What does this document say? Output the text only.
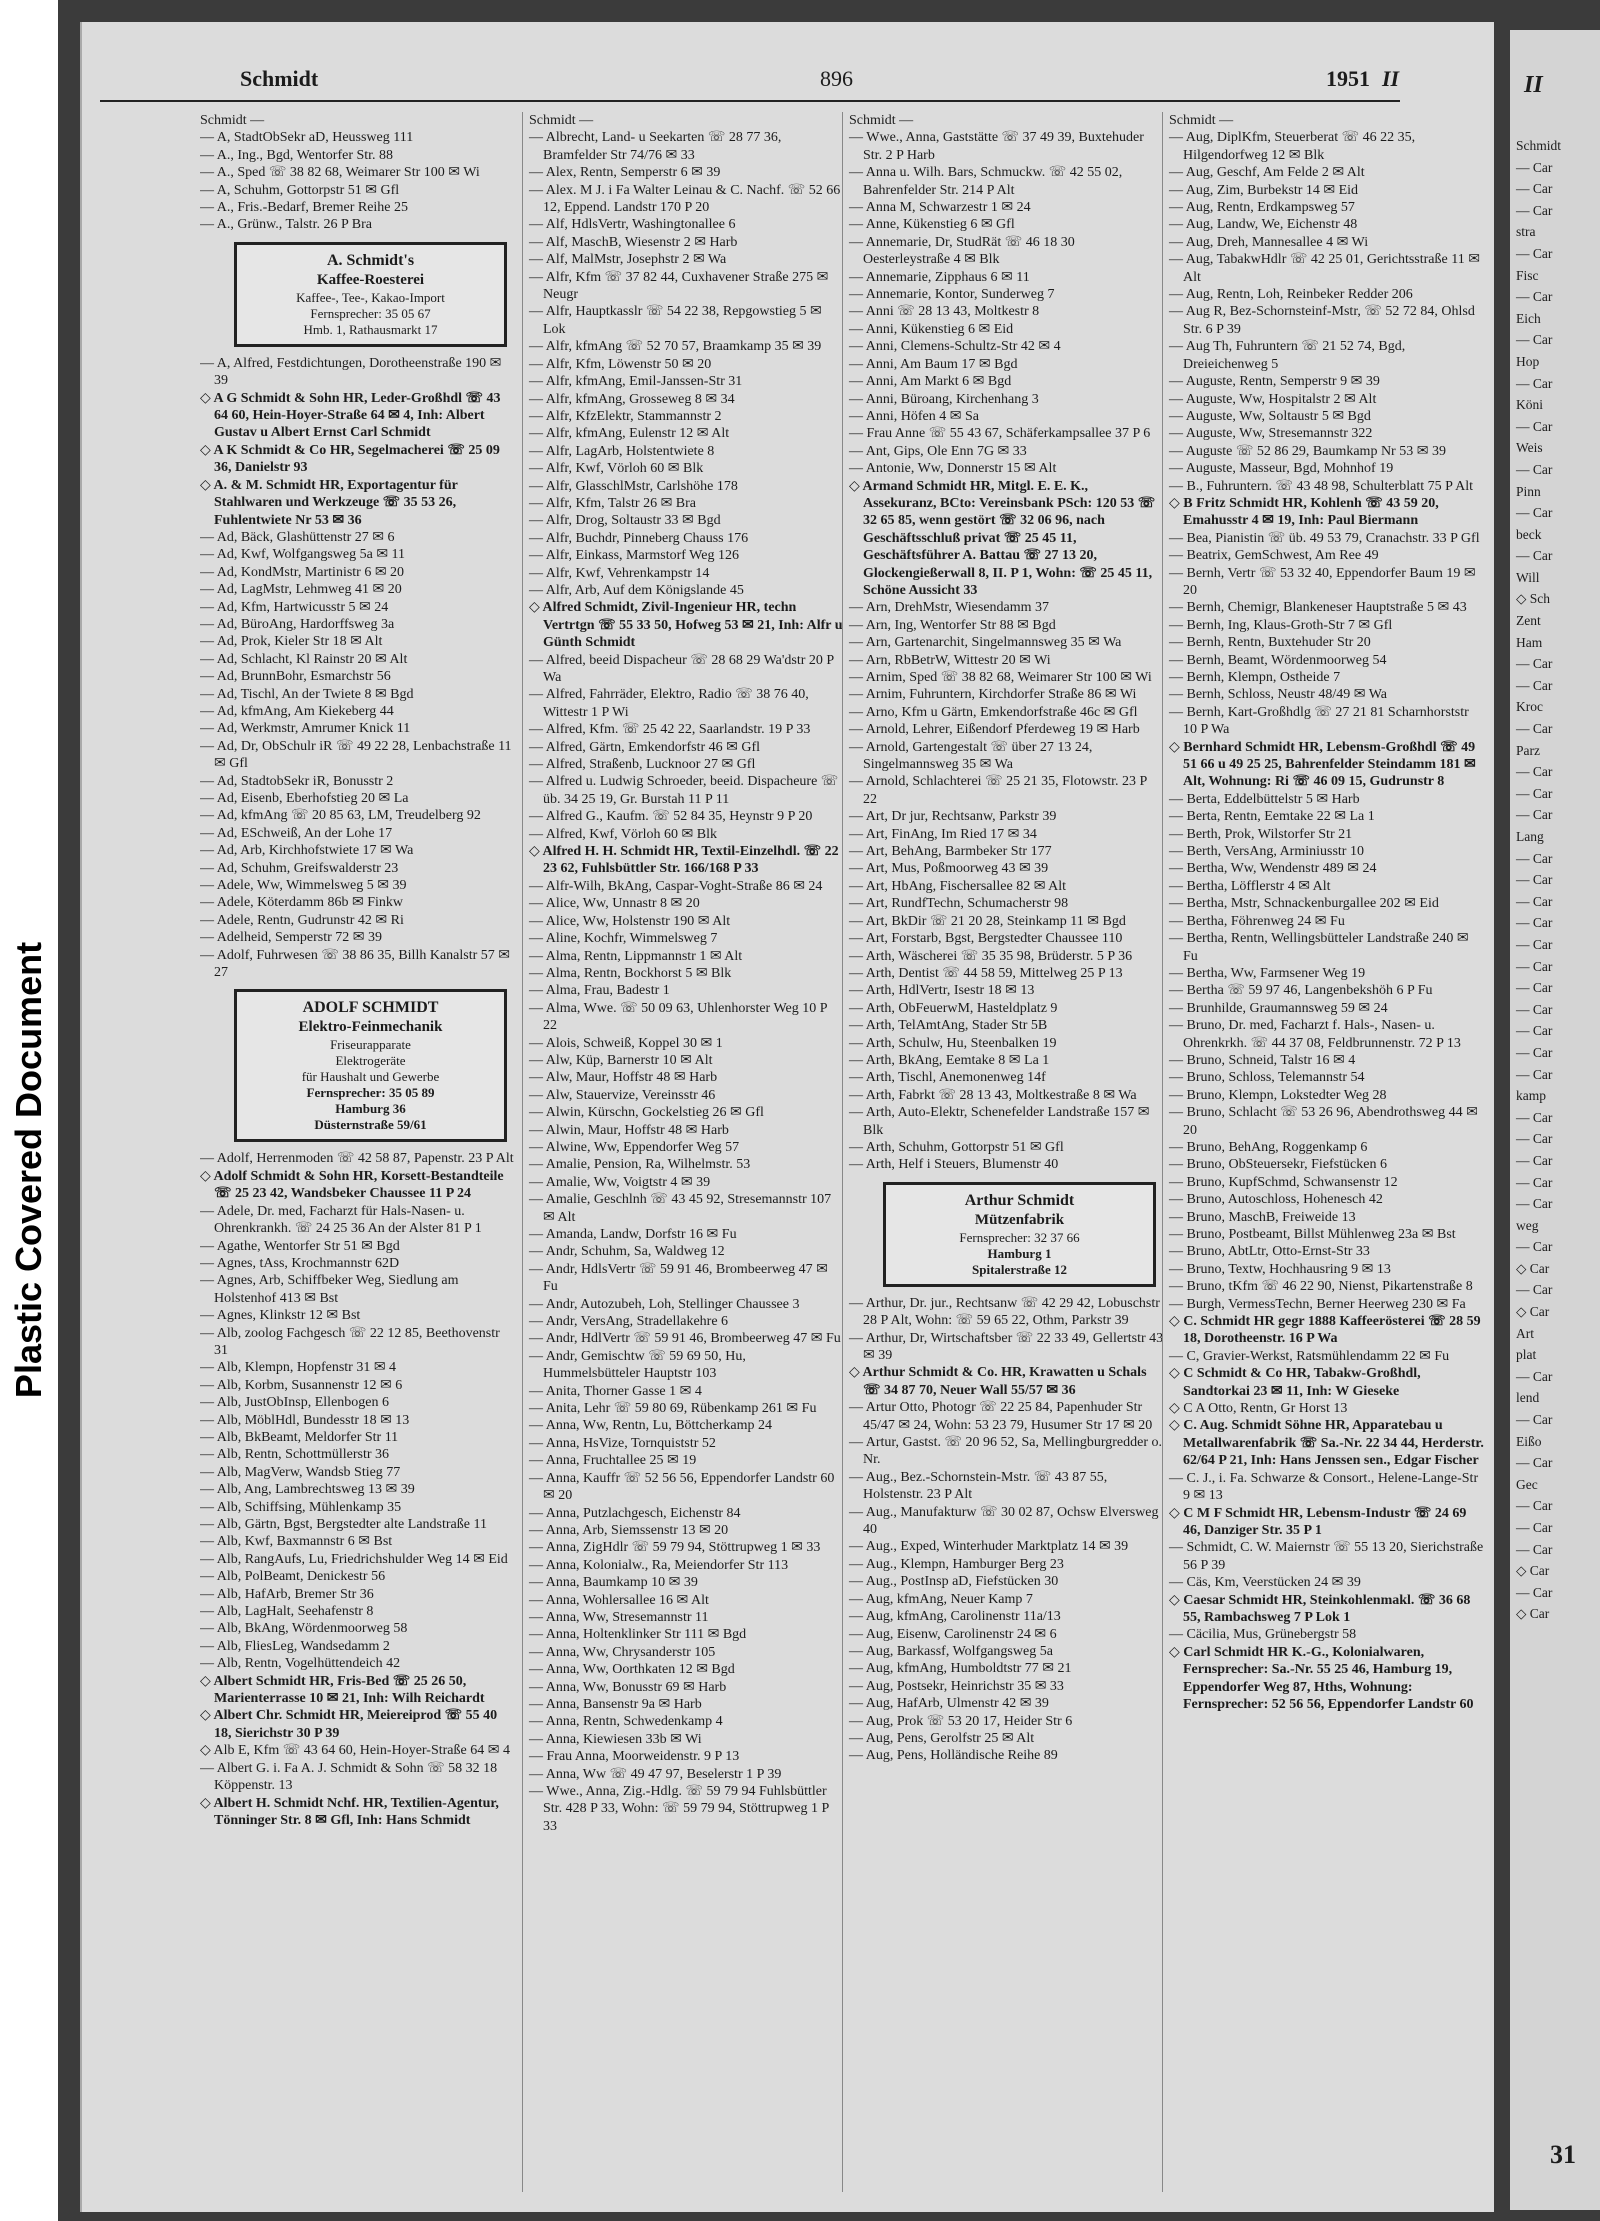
Plastic Covered Document
Schmidt	896	1951 II
Schmidt —
— A, StadtObSekr aD, Heussweg 111
— A., Ing., Bgd, Wentorfer Str. 88
— A., Sped ☏ 38 82 68, Weimarer Str 100 ✉ Wi
— A, Schuhm, Gottorpstr 51 ✉ Gfl
— A., Fris.-Bedarf, Bremer Reihe 25
— A., Grünw., Talstr. 26 P Bra
A. Schmidt's
Kaffee-Roesterei
Kaffee-, Tee-, Kakao-Import
Fernsprecher: 35 05 67
Hmb. 1, Rathausmarkt 17
— A, Alfred, Festdichtungen, Dorotheenstraße 190 ✉ 39
◇ A G Schmidt & Sohn HR, Leder-Großhdl ☏ 43 64 60, Hein-Hoyer-Straße 64 ✉ 4, Inh: Albert Gustav u Albert Ernst Carl Schmidt
◇ A K Schmidt & Co HR, Segelmacherei ☏ 25 09 36, Danielstr 93
◇ A. & M. Schmidt HR, Exportagentur für Stahlwaren und Werkzeuge ☏ 35 53 26, Fuhlentwiete Nr 53 ✉ 36
— Ad, Bäck, Glashüttenstr 27 ✉ 6
— Ad, Kwf, Wolfgangsweg 5a ✉ 11
— Ad, KondMstr, Martinistr 6 ✉ 20
— Ad, LagMstr, Lehmweg 41 ✉ 20
— Ad, Kfm, Hartwicusstr 5 ✉ 24
— Ad, BüroAng, Hardorffsweg 3a
— Ad, Prok, Kieler Str 18 ✉ Alt
— Ad, Schlacht, Kl Rainstr 20 ✉ Alt
— Ad, BrunnBohr, Esmarchstr 56
— Ad, Tischl, An der Twiete 8 ✉ Bgd
— Ad, kfmAng, Am Kiekeberg 44
— Ad, Werkmstr, Amrumer Knick 11
— Ad, Dr, ObSchulr iR ☏ 49 22 28, Lenbachstraße 11 ✉ Gfl
— Ad, StadtobSekr iR, Bonusstr 2
— Ad, Eisenb, Eberhofstieg 20 ✉ La
— Ad, kfmAng ☏ 20 85 63, LM, Treudelberg 92
— Ad, ESchweiß, An der Lohe 17
— Ad, Arb, Kirchhofstwiete 17 ✉ Wa
— Ad, Schuhm, Greifswalderstr 23
— Adele, Ww, Wimmelsweg 5 ✉ 39
— Adele, Köterdamm 86b ✉ Finkw
— Adele, Rentn, Gudrunstr 42 ✉ Ri
— Adelheid, Semperstr 72 ✉ 39
— Adolf, Fuhrwesen ☏ 38 86 35, Billh Kanalstr 57 ✉ 27
ADOLF SCHMIDT
Elektro-Feinmechanik
Friseurapparate
Elektrogeräte
für Haushalt und Gewerbe
Fernsprecher: 35 05 89
Hamburg 36
Düsternstraße 59/61
— Adolf, Herrenmoden ☏ 42 58 87, Papenstr. 23 P Alt
◇ Adolf Schmidt & Sohn HR, Korsett-Bestandteile ☏ 25 23 42, Wandsbeker Chaussee 11 P 24
— Adele, Dr. med, Facharzt für Hals-Nasen- u. Ohrenkrankh. ☏ 24 25 36 An der Alster 81 P 1
— Agathe, Wentorfer Str 51 ✉ Bgd
— Agnes, tAss, Krochmannstr 62D
— Agnes, Arb, Schiffbeker Weg, Siedlung am Holstenhof 413 ✉ Bst
— Agnes, Klinkstr 12 ✉ Bst
— Alb, zoolog Fachgesch ☏ 22 12 85, Beethovenstr 31
— Alb, Klempn, Hopfenstr 31 ✉ 4
— Alb, Korbm, Susannenstr 12 ✉ 6
— Alb, JustObInsp, Ellenbogen 6
— Alb, MöblHdl, Bundesstr 18 ✉ 13
— Alb, BkBeamt, Meldorfer Str 11
— Alb, Rentn, Schottmüllerstr 36
— Alb, MagVerw, Wandsb Stieg 77
— Alb, Ang, Lambrechtsweg 13 ✉ 39
— Alb, Schiffsing, Mühlenkamp 35
— Alb, Gärtn, Bgst, Bergstedter alte Landstraße 11
— Alb, Kwf, Baxmannstr 6 ✉ Bst
— Alb, RangAufs, Lu, Friedrichshulder Weg 14 ✉ Eid
— Alb, PolBeamt, Denickestr 56
— Alb, HafArb, Bremer Str 36
— Alb, LagHalt, Seehafenstr 8
— Alb, BkAng, Wördenmoorweg 58
— Alb, FliesLeg, Wandsedamm 2
— Alb, Rentn, Vogelhüttendeich 42
◇ Albert Schmidt HR, Fris-Bed ☏ 25 26 50, Marienterrasse 10 ✉ 21, Inh: Wilh Reichardt
◇ Albert Chr. Schmidt HR, Meiereiprod ☏ 55 40 18, Sierichstr 30 P 39
◇ Alb E, Kfm ☏ 43 64 60, Hein-Hoyer-Straße 64 ✉ 4
— Albert G. i. Fa A. J. Schmidt & Sohn ☏ 58 32 18 Köppenstr. 13
◇ Albert H. Schmidt Nchf. HR, Textilien-Agentur, Tönninger Str. 8 ✉ Gfl, Inh: Hans Schmidt
Schmidt —
— Albrecht, Land- u Seekarten ☏ 28 77 36, Bramfelder Str 74/76 ✉ 33
— Alex, Rentn, Semperstr 6 ✉ 39
— Alex. M J. i Fa Walter Leinau & C. Nachf. ☏ 52 66 12, Eppend. Landstr 170 P 20
— Alf, HdlsVertr, Washingtonallee 6
— Alf, MaschB, Wiesenstr 2 ✉ Harb
— Alf, MalMstr, Josephstr 2 ✉ Wa
— Alfr, Kfm ☏ 37 82 44, Cuxhavener Straße 275 ✉ Neugr
— Alfr, Hauptkasslr ☏ 54 22 38, Repgowstieg 5 ✉ Lok
— Alfr, kfmAng ☏ 52 70 57, Braamkamp 35 ✉ 39
— Alfr, Kfm, Löwenstr 50 ✉ 20
— Alfr, kfmAng, Emil-Janssen-Str 31
— Alfr, kfmAng, Grosseweg 8 ✉ 34
— Alfr, KfzElektr, Stammannstr 2
— Alfr, kfmAng, Eulenstr 12 ✉ Alt
— Alfr, LagArb, Holstentwiete 8
— Alfr, Kwf, Vörloh 60 ✉ Blk
— Alfr, GlasschlMstr, Carlshöhe 178
— Alfr, Kfm, Talstr 26 ✉ Bra
— Alfr, Drog, Soltaustr 33 ✉ Bgd
— Alfr, Buchdr, Pinneberg Chauss 176
— Alfr, Einkass, Marmstorf Weg 126
— Alfr, Kwf, Vehrenkampstr 14
— Alfr, Arb, Auf dem Königslande 45
◇ Alfred Schmidt, Zivil-Ingenieur HR, techn Vertrtgn ☏ 55 33 50, Hofweg 53 ✉ 21, Inh: Alfr u Günth Schmidt
— Alfred, beeid Dispacheur ☏ 28 68 29 Wa'dstr 20 P Wa
— Alfred, Fahrräder, Elektro, Radio ☏ 38 76 40, Wittestr 1 P Wi
— Alfred, Kfm. ☏ 25 42 22, Saarlandstr. 19 P 33
— Alfred, Gärtn, Emkendorfstr 46 ✉ Gfl
— Alfred, Straßenb, Lucknoor 27 ✉ Gfl
— Alfred u. Ludwig Schroeder, beeid. Dispacheure ☏ üb. 34 25 19, Gr. Burstah 11 P 11
— Alfred G., Kaufm. ☏ 52 84 35, Heynstr 9 P 20
— Alfred, Kwf, Vörloh 60 ✉ Blk
◇ Alfred H. H. Schmidt HR, Textil-Einzelhdl. ☏ 22 23 62, Fuhlsbüttler Str. 166/168 P 33
— Alfr-Wilh, BkAng, Caspar-Voght-Straße 86 ✉ 24
— Alice, Ww, Unnastr 8 ✉ 20
— Alice, Ww, Holstenstr 190 ✉ Alt
— Aline, Kochfr, Wimmelsweg 7
— Alma, Rentn, Lippmannstr 1 ✉ Alt
— Alma, Rentn, Bockhorst 5 ✉ Blk
— Alma, Frau, Badestr 1
— Alma, Wwe. ☏ 50 09 63, Uhlenhorster Weg 10 P 22
— Alois, Schweiß, Koppel 30 ✉ 1
— Alw, Küp, Barnerstr 10 ✉ Alt
— Alw, Maur, Hoffstr 48 ✉ Harb
— Alw, Stauervize, Vereinsstr 46
— Alwin, Kürschn, Gockelstieg 26 ✉ Gfl
— Alwin, Maur, Hoffstr 48 ✉ Harb
— Alwine, Ww, Eppendorfer Weg 57
— Amalie, Pension, Ra, Wilhelmstr. 53
— Amalie, Ww, Voigtstr 4 ✉ 39
— Amalie, Geschlnh ☏ 43 45 92, Stresemannstr 107 ✉ Alt
— Amanda, Landw, Dorfstr 16 ✉ Fu
— Andr, Schuhm, Sa, Waldweg 12
— Andr, HdlsVertr ☏ 59 91 46, Brombeerweg 47 ✉ Fu
— Andr, Autozubeh, Loh, Stellinger Chaussee 3
— Andr, VersAng, Stradellakehre 6
— Andr, HdlVertr ☏ 59 91 46, Brombeerweg 47 ✉ Fu
— Andr, Gemischtw ☏ 59 69 50, Hu, Hummelsbütteler Hauptstr 103
— Anita, Thorner Gasse 1 ✉ 4
— Anita, Lehr ☏ 59 80 69, Rübenkamp 261 ✉ Fu
— Anna, Ww, Rentn, Lu, Böttcherkamp 24
— Anna, HsVize, Tornquiststr 52
— Anna, Fruchtallee 25 ✉ 19
— Anna, Kauffr ☏ 52 56 56, Eppendorfer Landstr 60 ✉ 20
— Anna, Putzlachgesch, Eichenstr 84
— Anna, Arb, Siemssenstr 13 ✉ 20
— Anna, ZigHdlr ☏ 59 79 94, Stöttrupweg 1 ✉ 33
— Anna, Kolonialw., Ra, Meiendorfer Str 113
— Anna, Baumkamp 10 ✉ 39
— Anna, Wohlersallee 16 ✉ Alt
— Anna, Ww, Stresemannstr 11
— Anna, Holtenklinker Str 111 ✉ Bgd
— Anna, Ww, Chrysanderstr 105
— Anna, Ww, Oorthkaten 12 ✉ Bgd
— Anna, Ww, Bonusstr 69 ✉ Harb
— Anna, Bansenstr 9a ✉ Harb
— Anna, Rentn, Schwedenkamp 4
— Anna, Kiewiesen 33b ✉ Wi
— Frau Anna, Moorweidenstr. 9 P 13
— Anna, Ww ☏ 49 47 97, Beselerstr 1 P 39
— Wwe., Anna, Zig.-Hdlg. ☏ 59 79 94 Fuhlsbüttler Str. 428 P 33, Wohn: ☏ 59 79 94, Stöttrupweg 1 P 33
Schmidt —
— Wwe., Anna, Gaststätte ☏ 37 49 39, Buxtehuder Str. 2 P Harb
— Anna u. Wilh. Bars, Schmuckw. ☏ 42 55 02, Bahrenfelder Str. 214 P Alt
— Anna M, Schwarzestr 1 ✉ 24
— Anne, Kükenstieg 6 ✉ Gfl
— Annemarie, Dr, StudRät ☏ 46 18 30 Oesterleystraße 4 ✉ Blk
— Annemarie, Zipphaus 6 ✉ 11
— Annemarie, Kontor, Sunderweg 7
— Anni ☏ 28 13 43, Moltkestr 8
— Anni, Kükenstieg 6 ✉ Eid
— Anni, Clemens-Schultz-Str 42 ✉ 4
— Anni, Am Baum 17 ✉ Bgd
— Anni, Am Markt 6 ✉ Bgd
— Anni, Büroang, Kirchenhang 3
— Anni, Höfen 4 ✉ Sa
— Frau Anne ☏ 55 43 67, Schäferkampsallee 37 P 6
— Ant, Gips, Ole Enn 7G ✉ 33
— Antonie, Ww, Donnerstr 15 ✉ Alt
◇ Armand Schmidt HR, Mitgl. E. E. K., Assekuranz, BCto: Vereinsbank PSch: 120 53 ☏ 32 65 85, wenn gestört ☏ 32 06 96, nach Geschäftsschluß privat ☏ 25 45 11, Geschäftsführer A. Battau ☏ 27 13 20, Glockengießerwall 8, II. P 1, Wohn: ☏ 25 45 11, Schöne Aussicht 33
— Arn, DrehMstr, Wiesendamm 37
— Arn, Ing, Wentorfer Str 88 ✉ Bgd
— Arn, Gartenarchit, Singelmannsweg 35 ✉ Wa
— Arn, RbBetrW, Wittestr 20 ✉ Wi
— Arnim, Sped ☏ 38 82 68, Weimarer Str 100 ✉ Wi
— Arnim, Fuhruntern, Kirchdorfer Straße 86 ✉ Wi
— Arno, Kfm u Gärtn, Emkendorfstraße 46c ✉ Gfl
— Arnold, Lehrer, Eißendorf Pferdeweg 19 ✉ Harb
— Arnold, Gartengestalt ☏ über 27 13 24, Singelmannsweg 35 ✉ Wa
— Arnold, Schlachterei ☏ 25 21 35, Flotowstr. 23 P 22
— Art, Dr jur, Rechtsanw, Parkstr 39
— Art, FinAng, Im Ried 17 ✉ 34
— Art, BehAng, Barmbeker Str 177
— Art, Mus, Poßmoorweg 43 ✉ 39
— Art, HbAng, Fischersallee 82 ✉ Alt
— Art, RundfTechn, Schumacherstr 98
— Art, BkDir ☏ 21 20 28, Steinkamp 11 ✉ Bgd
— Art, Forstarb, Bgst, Bergstedter Chaussee 110
— Arth, Wäscherei ☏ 35 35 98, Brüderstr. 5 P 36
— Arth, Dentist ☏ 44 58 59, Mittelweg 25 P 13
— Arth, HdlVertr, Isestr 18 ✉ 13
— Arth, ObFeuerwM, Hasteldplatz 9
— Arth, TelAmtAng, Stader Str 5B
— Arth, Schulw, Hu, Steenbalken 19
— Arth, BkAng, Eemtake 8 ✉ La 1
— Arth, Tischl, Anemonenweg 14f
— Arth, Fabrkt ☏ 28 13 43, Moltkestraße 8 ✉ Wa
— Arth, Auto-Elektr, Schenefelder Landstraße 157 ✉ Blk
— Arth, Schuhm, Gottorpstr 51 ✉ Gfl
— Arth, Helf i Steuers, Blumenstr 40
Arthur Schmidt
Mützenfabrik
Fernsprecher: 32 37 66
Hamburg 1
Spitalerstraße 12
— Arthur, Dr. jur., Rechtsanw ☏ 42 29 42, Lobuschstr 28 P Alt, Wohn: ☏ 59 65 22, Othm, Parkstr 39
— Arthur, Dr, Wirtschaftsber ☏ 22 33 49, Gellertstr 43 ✉ 39
◇ Arthur Schmidt & Co. HR, Krawatten u Schals ☏ 34 87 70, Neuer Wall 55/57 ✉ 36
— Artur Otto, Photogr ☏ 22 25 84, Papenhuder Str 45/47 ✉ 24, Wohn: 53 23 79, Husumer Str 17 ✉ 20
— Artur, Gastst. ☏ 20 96 52, Sa, Mellingburgredder o. Nr.
— Aug., Bez.-Schornstein-Mstr. ☏ 43 87 55, Holstenstr. 23 P Alt
— Aug., Manufakturw ☏ 30 02 87, Ochsw Elversweg 40
— Aug., Exped, Winterhuder Marktplatz 14 ✉ 39
— Aug., Klempn, Hamburger Berg 23
— Aug., PostInsp aD, Fiefstücken 30
— Aug, kfmAng, Neuer Kamp 7
— Aug, kfmAng, Carolinenstr 11a/13
— Aug, Eisenw, Carolinenstr 24 ✉ 6
— Aug, Barkassf, Wolfgangsweg 5a
— Aug, kfmAng, Humboldtstr 77 ✉ 21
— Aug, Postsekr, Heinrichstr 35 ✉ 33
— Aug, HafArb, Ulmenstr 42 ✉ 39
— Aug, Prok ☏ 53 20 17, Heider Str 6
— Aug, Pens, Gerolfstr 25 ✉ Alt
— Aug, Pens, Holländische Reihe 89
Schmidt —
— Aug, DiplKfm, Steuerberat ☏ 46 22 35, Hilgendorfweg 12 ✉ Blk
— Aug, Geschf, Am Felde 2 ✉ Alt
— Aug, Zim, Burbekstr 14 ✉ Eid
— Aug, Rentn, Erdkampsweg 57
— Aug, Landw, We, Eichenstr 48
— Aug, Dreh, Mannesallee 4 ✉ Wi
— Aug, TabakwHdlr ☏ 42 25 01, Gerichtsstraße 11 ✉ Alt
— Aug, Rentn, Loh, Reinbeker Redder 206
— Aug R, Bez-Schornsteinf-Mstr, ☏ 52 72 84, Ohlsd Str. 6 P 39
— Aug Th, Fuhruntern ☏ 21 52 74, Bgd, Dreieichenweg 5
— Auguste, Rentn, Semperstr 9 ✉ 39
— Auguste, Ww, Hospitalstr 2 ✉ Alt
— Auguste, Ww, Soltaustr 5 ✉ Bgd
— Auguste, Ww, Stresemannstr 322
— Auguste ☏ 52 86 29, Baumkamp Nr 53 ✉ 39
— Auguste, Masseur, Bgd, Mohnhof 19
— B., Fuhruntern. ☏ 43 48 98, Schulterblatt 75 P Alt
◇ B Fritz Schmidt HR, Kohlenh ☏ 43 59 20, Emahusstr 4 ✉ 19, Inh: Paul Biermann
— Bea, Pianistin ☏ üb. 49 53 79, Cranachstr. 33 P Gfl
— Beatrix, GemSchwest, Am Ree 49
— Bernh, Vertr ☏ 53 32 40, Eppendorfer Baum 19 ✉ 20
— Bernh, Chemigr, Blankeneser Hauptstraße 5 ✉ 43
— Bernh, Ing, Klaus-Groth-Str 7 ✉ Gfl
— Bernh, Rentn, Buxtehuder Str 20
— Bernh, Beamt, Wördenmoorweg 54
— Bernh, Klempn, Ostheide 7
— Bernh, Schloss, Neustr 48/49 ✉ Wa
— Bernh, Kart-Großhdlg ☏ 27 21 81 Scharnhorststr 10 P Wa
◇ Bernhard Schmidt HR, Lebensm-Großhdl ☏ 49 51 66 u 49 25 25, Bahrenfelder Steindamm 181 ✉ Alt, Wohnung: Ri ☏ 46 09 15, Gudrunstr 8
— Berta, Eddelbüttelstr 5 ✉ Harb
— Berta, Rentn, Eemtake 22 ✉ La 1
— Berth, Prok, Wilstorfer Str 21
— Berth, VersAng, Arminiusstr 10
— Bertha, Ww, Wendenstr 489 ✉ 24
— Bertha, Löfflerstr 4 ✉ Alt
— Bertha, Mstr, Schnackenburgallee 202 ✉ Eid
— Bertha, Föhrenweg 24 ✉ Fu
— Bertha, Rentn, Wellingsbütteler Landstraße 240 ✉ Fu
— Bertha, Ww, Farmsener Weg 19
— Bertha ☏ 59 97 46, Langenbekshöh 6 P Fu
— Brunhilde, Graumannsweg 59 ✉ 24
— Bruno, Dr. med, Facharzt f. Hals-, Nasen- u. Ohrenkrkh. ☏ 44 37 08, Feldbrunnenstr. 72 P 13
— Bruno, Schneid, Talstr 16 ✉ 4
— Bruno, Schloss, Telemannstr 54
— Bruno, Klempn, Lokstedter Weg 28
— Bruno, Schlacht ☏ 53 26 96, Abendrothsweg 44 ✉ 20
— Bruno, BehAng, Roggenkamp 6
— Bruno, ObSteuersekr, Fiefstücken 6
— Bruno, KupfSchmd, Schwansenstr 12
— Bruno, Autoschloss, Hohenesch 42
— Bruno, MaschB, Freiweide 13
— Bruno, Postbeamt, Billst Mühlenweg 23a ✉ Bst
— Bruno, AbtLtr, Otto-Ernst-Str 33
— Bruno, Textw, Hochhausring 9 ✉ 13
— Bruno, tKfm ☏ 46 22 90, Nienst, Pikartenstraße 8
— Burgh, VermessTechn, Berner Heerweg 230 ✉ Fa
◇ C. Schmidt HR gegr 1888 Kaffeerösterei ☏ 28 59 18, Dorotheenstr. 16 P Wa
— C, Gravier-Werkst, Ratsmühlendamm 22 ✉ Fu
◇ C Schmidt & Co HR, Tabakw-Großhdl, Sandtorkai 23 ✉ 11, Inh: W Gieseke
◇ C A Otto, Rentn, Gr Horst 13
◇ C. Aug. Schmidt Söhne HR, Apparatebau u Metallwarenfabrik ☏ Sa.-Nr. 22 34 44, Herderstr. 62/64 P 21, Inh: Hans Jenssen sen., Edgar Fischer
— C. J., i. Fa. Schwarze & Consort., Helene-Lange-Str 9 ✉ 13
◇ C M F Schmidt HR, Lebensm-Industr ☏ 24 69 46, Danziger Str. 35 P 1
— Schmidt, C. W. Maiernstr ☏ 55 13 20, Sierichstraße 56 P 39
— Cäs, Km, Veerstücken 24 ✉ 39
◇ Caesar Schmidt HR, Steinkohlenmakl. ☏ 36 68 55, Rambachsweg 7 P Lok 1
— Cäcilia, Mus, Grünebergstr 58
◇ Carl Schmidt HR K.-G., Kolonialwaren, Fernsprecher: Sa.-Nr. 55 25 46, Hamburg 19, Eppendorfer Weg 87, Hths, Wohnung: Fernsprecher: 52 56 56, Eppendorfer Landstr 60
II
Schmidt
— Car
— Car
— Car
stra
— Car
Fisc
— Car
Eich
— Car
Hop
— Car
Köni
— Car
Weis
— Car
Pinn
— Car
beck
— Car
Will
◇ Sch
Zent
Ham
— Car
— Car
Kroc
— Car
Parz
— Car
— Car
— Car
Lang
— Car
— Car
— Car
— Car
— Car
— Car
— Car
— Car
— Car
— Car
— Car
kamp
— Car
— Car
— Car
— Car
— Car
weg
— Car
◇ Car
— Car
◇ Car
Art
plat
— Car
lend
— Car
Eißo
— Car
Gec
— Car
— Car
— Car
◇ Car
— Car
◇ Car
31
